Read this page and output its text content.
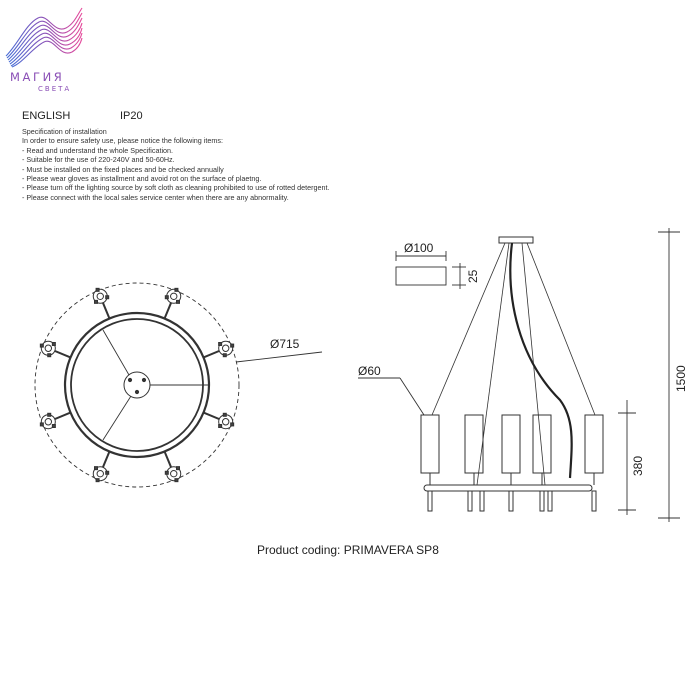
МАГИЯ
СВЕТА
ENGLISH	IP20
Specification of installation
In order to ensure safety use, please notice the following items:
- Read and understand the whole Specification.
- Suitable for the use of 220-240V and 50-60Hz.
- Must be installed on the fixed places and be checked annually
- Please wear gloves as installment and avoid rot on the surface of plaetng.
- Please turn off the lighting source by soft cloth as cleaning prohibited to use of rotted detergent.
- Please connect with the local sales service center when there are any abnormality.
Ø715
Ø100
25
Ø60	1500
380
Product coding: PRIMAVERA SP8
